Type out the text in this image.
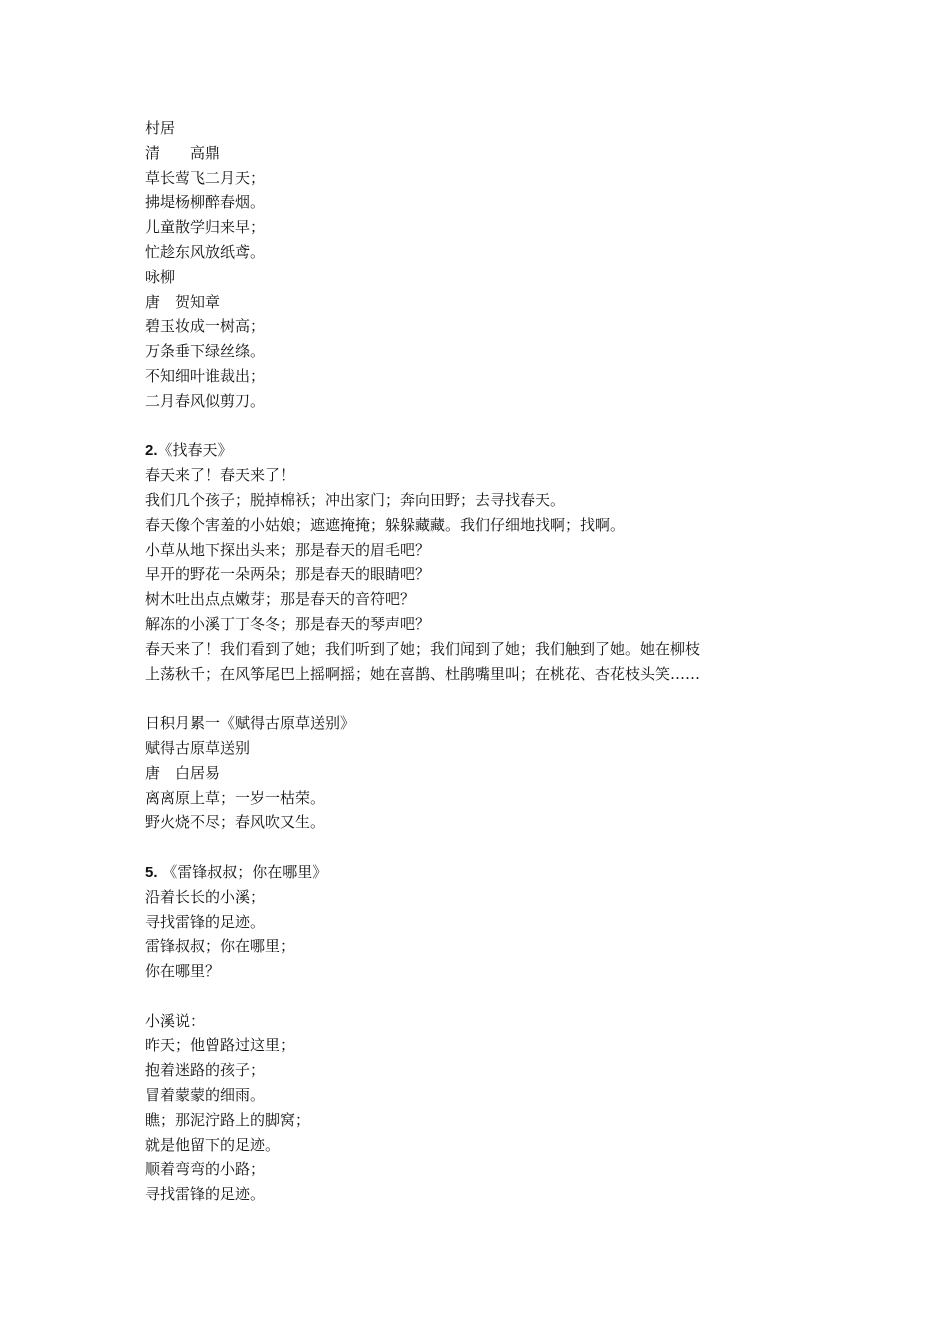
村居
清　　高鼎
草长莺飞二月天；
拂堤杨柳醉春烟。
儿童散学归来早；
忙趁东风放纸鸢。
咏柳
唐　贺知章
碧玉妆成一树高；
万条垂下绿丝绦。
不知细叶谁裁出；
二月春风似剪刀。
2.《找春天》
春天来了！春天来了！
我们几个孩子；脱掉棉袄；冲出家门；奔向田野；去寻找春天。
春天像个害羞的小姑娘；遮遮掩掩；躲躲藏藏。我们仔细地找啊；找啊。
小草从地下探出头来；那是春天的眉毛吧？
早开的野花一朵两朵；那是春天的眼睛吧？
树木吐出点点嫩芽；那是春天的音符吧？
解冻的小溪丁丁冬冬；那是春天的琴声吧？
春天来了！我们看到了她；我们听到了她；我们闻到了她；我们触到了她。她在柳枝
上荡秋千；在风筝尾巴上摇啊摇；她在喜鹊、杜鹃嘴里叫；在桃花、杏花枝头笑……
日积月累一《赋得古原草送别》
赋得古原草送别
唐　白居易
离离原上草；一岁一枯荣。
野火烧不尽；春风吹又生。
5. 《雷锋叔叔；你在哪里》
沿着长长的小溪；
寻找雷锋的足迹。
雷锋叔叔；你在哪里；
你在哪里？
小溪说：
昨天；他曾路过这里；
抱着迷路的孩子；
冒着蒙蒙的细雨。
瞧；那泥泞路上的脚窝；
就是他留下的足迹。
顺着弯弯的小路；
寻找雷锋的足迹。
